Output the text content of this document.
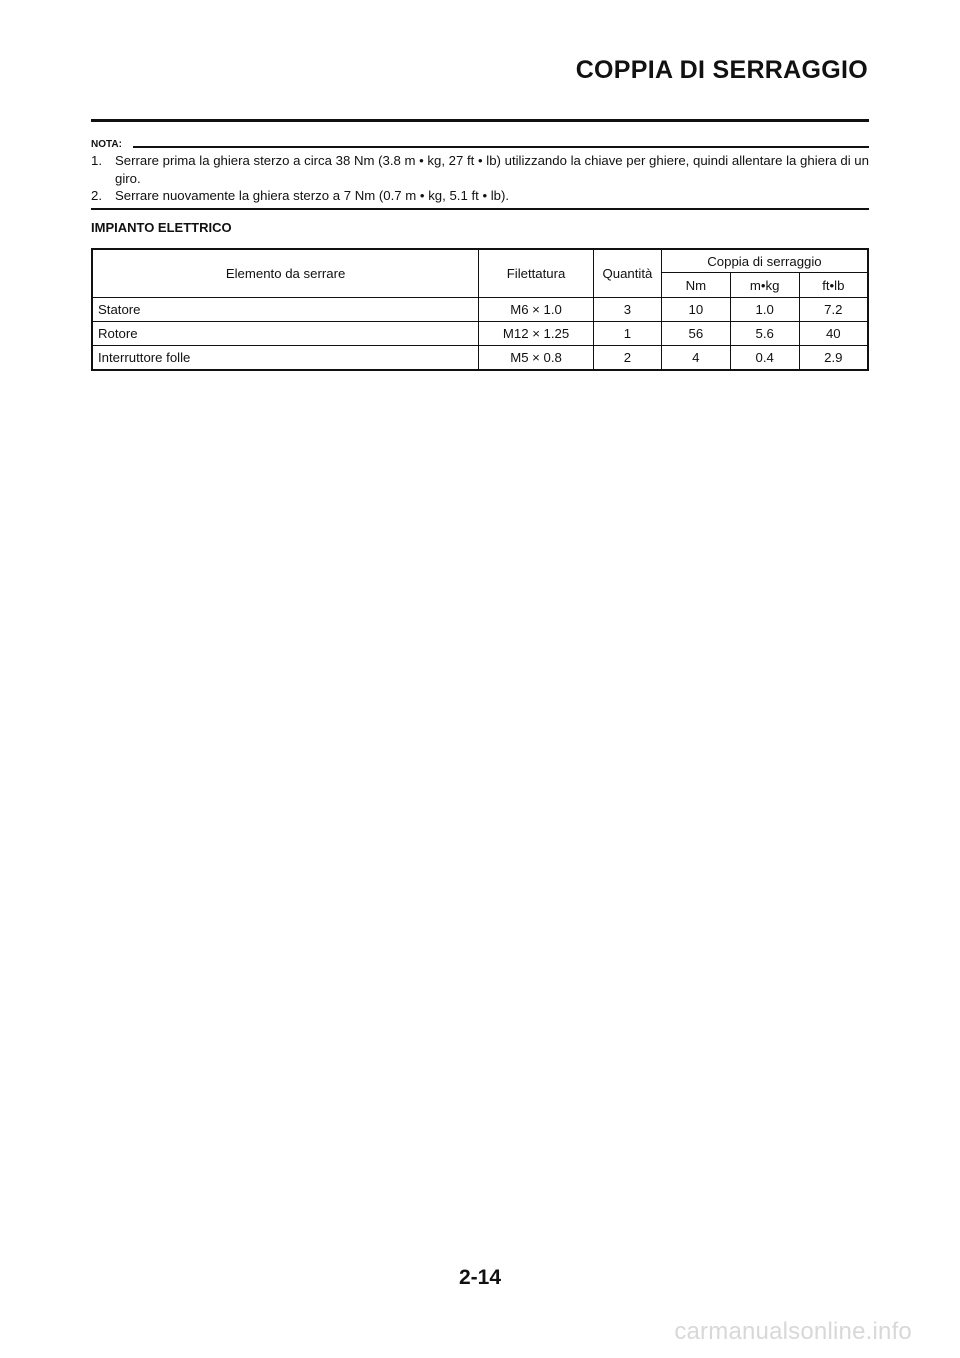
COPPIA DI SERRAGGIO
NOTA:
1. Serrare prima la ghiera sterzo a circa 38 Nm (3.8 m • kg, 27 ft • lb) utilizzando la chiave per ghiere, quindi allentare la ghiera di un giro.
2. Serrare nuovamente la ghiera sterzo a 7 Nm (0.7 m • kg, 5.1 ft • lb).
IMPIANTO ELETTRICO
Elemento da serrare	Filettatura	Quantità	Coppia di serraggio		
			Nm	m•kg	ft•lb
Statore	M6 × 1.0	3	10	1.0	7.2
Rotore	M12 × 1.25	1	56	5.6	40
Interruttore folle	M5 × 0.8	2	4	0.4	2.9
2-14
carmanualsonline.info
